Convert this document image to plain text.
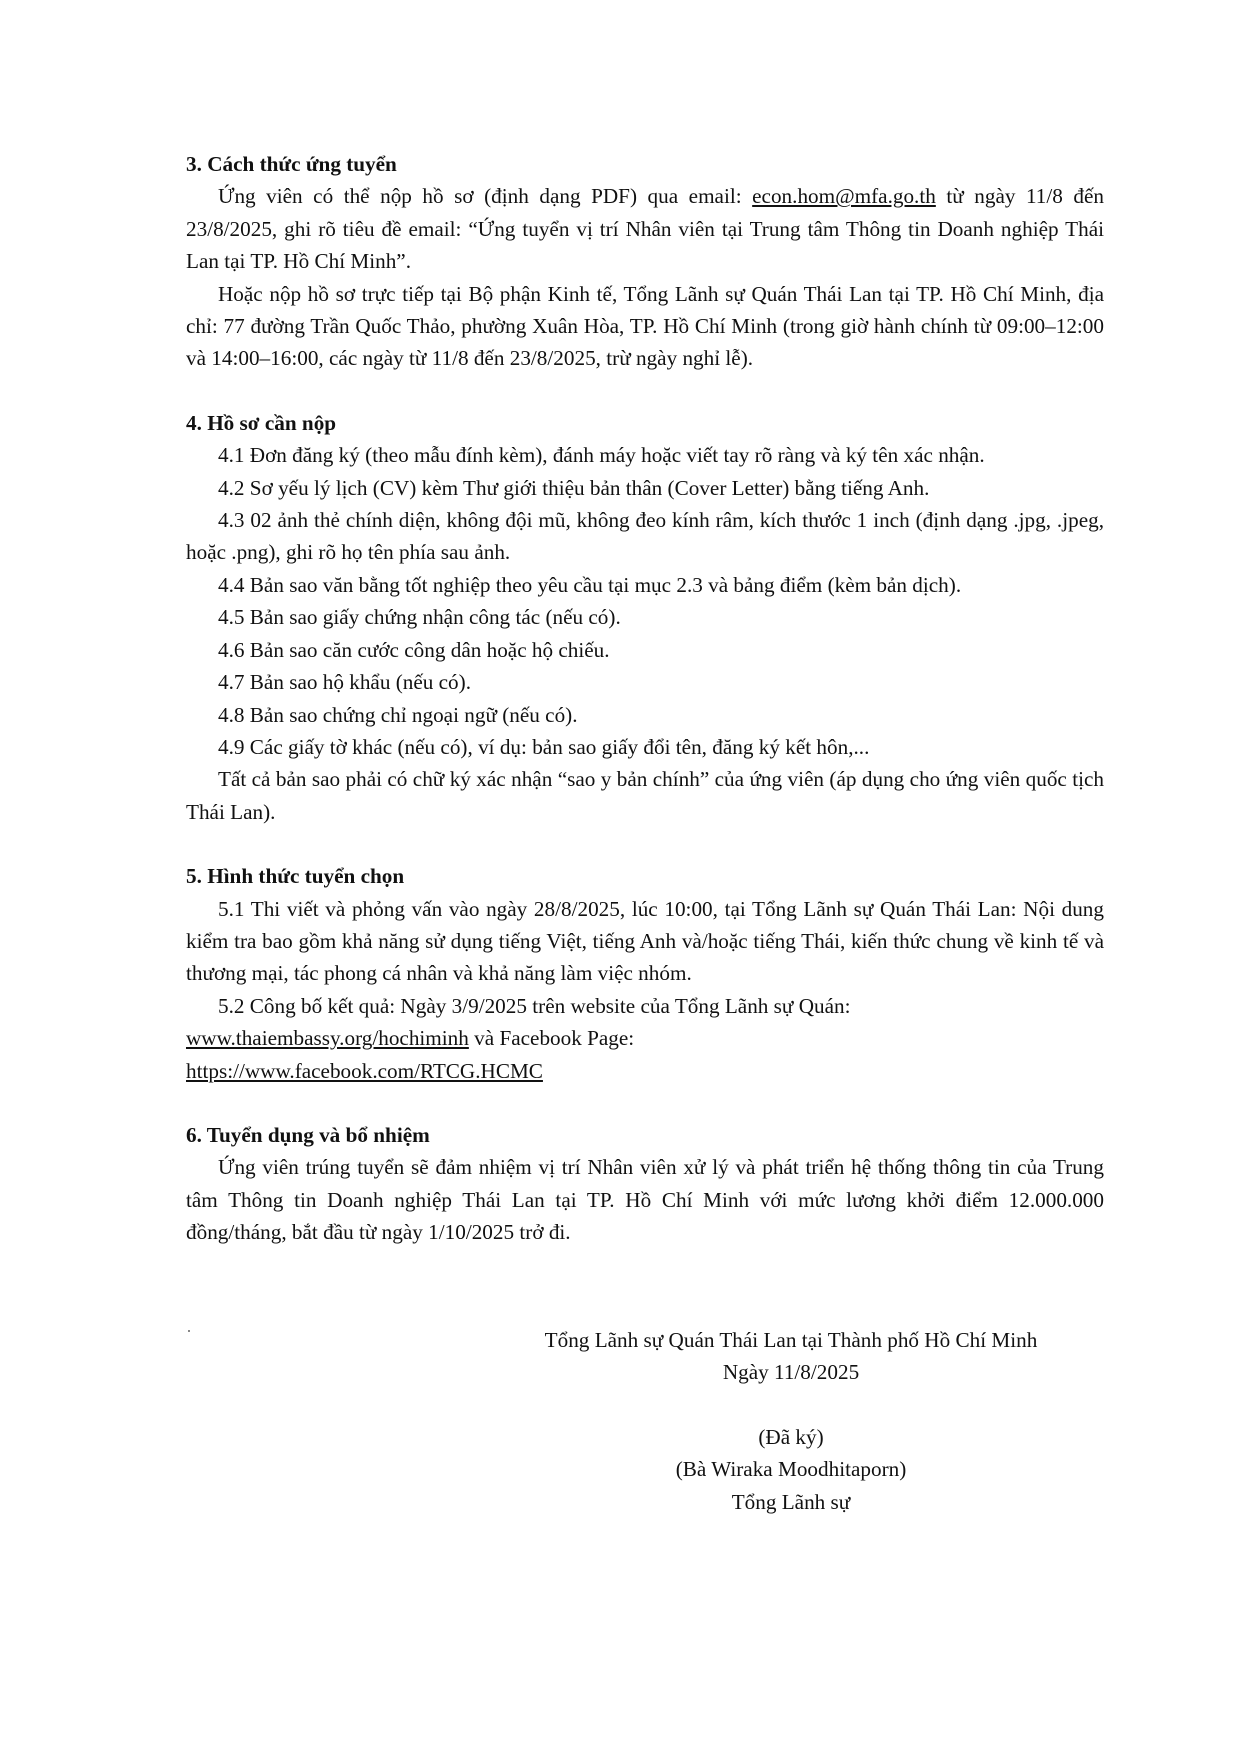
3. Cách thức ứng tuyển

Ứng viên có thể nộp hồ sơ (định dạng PDF) qua email: econ.hom@mfa.go.th từ ngày 11/8 đến 23/8/2025, ghi rõ tiêu đề email: “Ứng tuyển vị trí Nhân viên tại Trung tâm Thông tin Doanh nghiệp Thái Lan tại TP. Hồ Chí Minh”.

Hoặc nộp hồ sơ trực tiếp tại Bộ phận Kinh tế, Tổng Lãnh sự Quán Thái Lan tại TP. Hồ Chí Minh, địa chỉ: 77 đường Trần Quốc Thảo, phường Xuân Hòa, TP. Hồ Chí Minh (trong giờ hành chính từ 09:00–12:00 và 14:00–16:00, các ngày từ 11/8 đến 23/8/2025, trừ ngày nghỉ lễ).

4. Hồ sơ cần nộp

4.1 Đơn đăng ký (theo mẫu đính kèm), đánh máy hoặc viết tay rõ ràng và ký tên xác nhận.

4.2 Sơ yếu lý lịch (CV) kèm Thư giới thiệu bản thân (Cover Letter) bằng tiếng Anh.

4.3 02 ảnh thẻ chính diện, không đội mũ, không đeo kính râm, kích thước 1 inch (định dạng .jpg, .jpeg, hoặc .png), ghi rõ họ tên phía sau ảnh.

4.4 Bản sao văn bằng tốt nghiệp theo yêu cầu tại mục 2.3 và bảng điểm (kèm bản dịch).

4.5 Bản sao giấy chứng nhận công tác (nếu có).

4.6 Bản sao căn cước công dân hoặc hộ chiếu.

4.7 Bản sao hộ khẩu (nếu có).

4.8 Bản sao chứng chỉ ngoại ngữ (nếu có).

4.9 Các giấy tờ khác (nếu có), ví dụ: bản sao giấy đổi tên, đăng ký kết hôn,...

Tất cả bản sao phải có chữ ký xác nhận “sao y bản chính” của ứng viên (áp dụng cho ứng viên quốc tịch Thái Lan).

5. Hình thức tuyển chọn

5.1 Thi viết và phỏng vấn vào ngày 28/8/2025, lúc 10:00, tại Tổng Lãnh sự Quán Thái Lan: Nội dung kiểm tra bao gồm khả năng sử dụng tiếng Việt, tiếng Anh và/hoặc tiếng Thái, kiến thức chung về kinh tế và thương mại, tác phong cá nhân và khả năng làm việc nhóm.

5.2 Công bố kết quả: Ngày 3/9/2025 trên website của Tổng Lãnh sự Quán:

www.thaiembassy.org/hochiminh và Facebook Page:

https://www.facebook.com/RTCG.HCMC

6. Tuyển dụng và bổ nhiệm

Ứng viên trúng tuyển sẽ đảm nhiệm vị trí Nhân viên xử lý và phát triển hệ thống thông tin của Trung tâm Thông tin Doanh nghiệp Thái Lan tại TP. Hồ Chí Minh với mức lương khởi điểm 12.000.000 đồng/tháng, bắt đầu từ ngày 1/10/2025 trở đi.

Tổng Lãnh sự Quán Thái Lan tại Thành phố Hồ Chí Minh
Ngày 11/8/2025
(Đã ký)
(Bà Wiraka Moodhitaporn)
Tổng Lãnh sự
